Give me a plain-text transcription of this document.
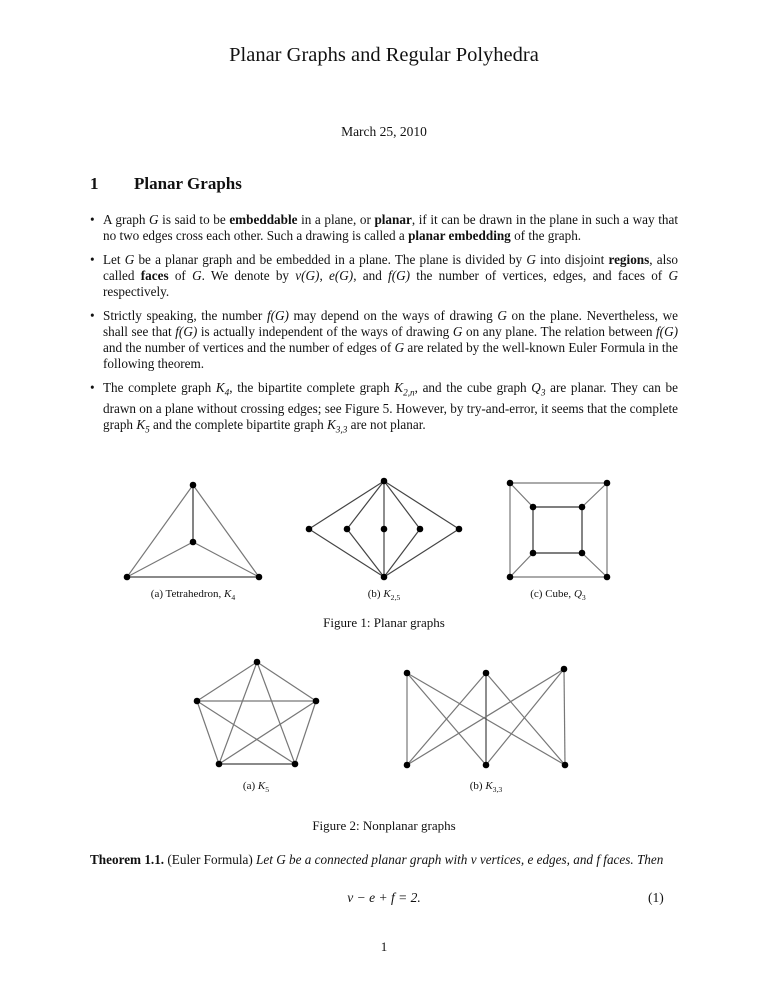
Planar Graphs and Regular Polyhedra
March 25, 2010
1 Planar Graphs
• A graph G is said to be embeddable in a plane, or planar, if it can be drawn in the plane in such a way that no two edges cross each other. Such a drawing is called a planar embedding of the graph.
• Let G be a planar graph and be embedded in a plane. The plane is divided by G into disjoint regions, also called faces of G. We denote by v(G), e(G), and f(G) the number of vertices, edges, and faces of G respectively.
• Strictly speaking, the number f(G) may depend on the ways of drawing G on the plane. Nevertheless, we shall see that f(G) is actually independent of the ways of drawing G on any plane. The relation between f(G) and the number of vertices and the number of edges of G are related by the well-known Euler Formula in the following theorem.
• The complete graph $K_4$, the bipartite complete graph $K_{2,n}$, and the cube graph $Q_3$ are planar. They can be drawn on a plane without crossing edges; see Figure 5. However, by try-and-error, it seems that the complete graph $K_5$ and the complete bipartite graph $K_{3,3}$ are not planar.
(a) Tetrahedron, $K_4$	(b) $K_{2,5}$	(c) Cube, $Q_3$
Figure 1: Planar graphs
(a) $K_5$	(b) $K_{3,3}$
Figure 2: Nonplanar graphs
Theorem 1.1. (Euler Formula) Let G be a connected planar graph with v vertices, e edges, and f faces. Then
v − e + f = 2.	(1)
1
